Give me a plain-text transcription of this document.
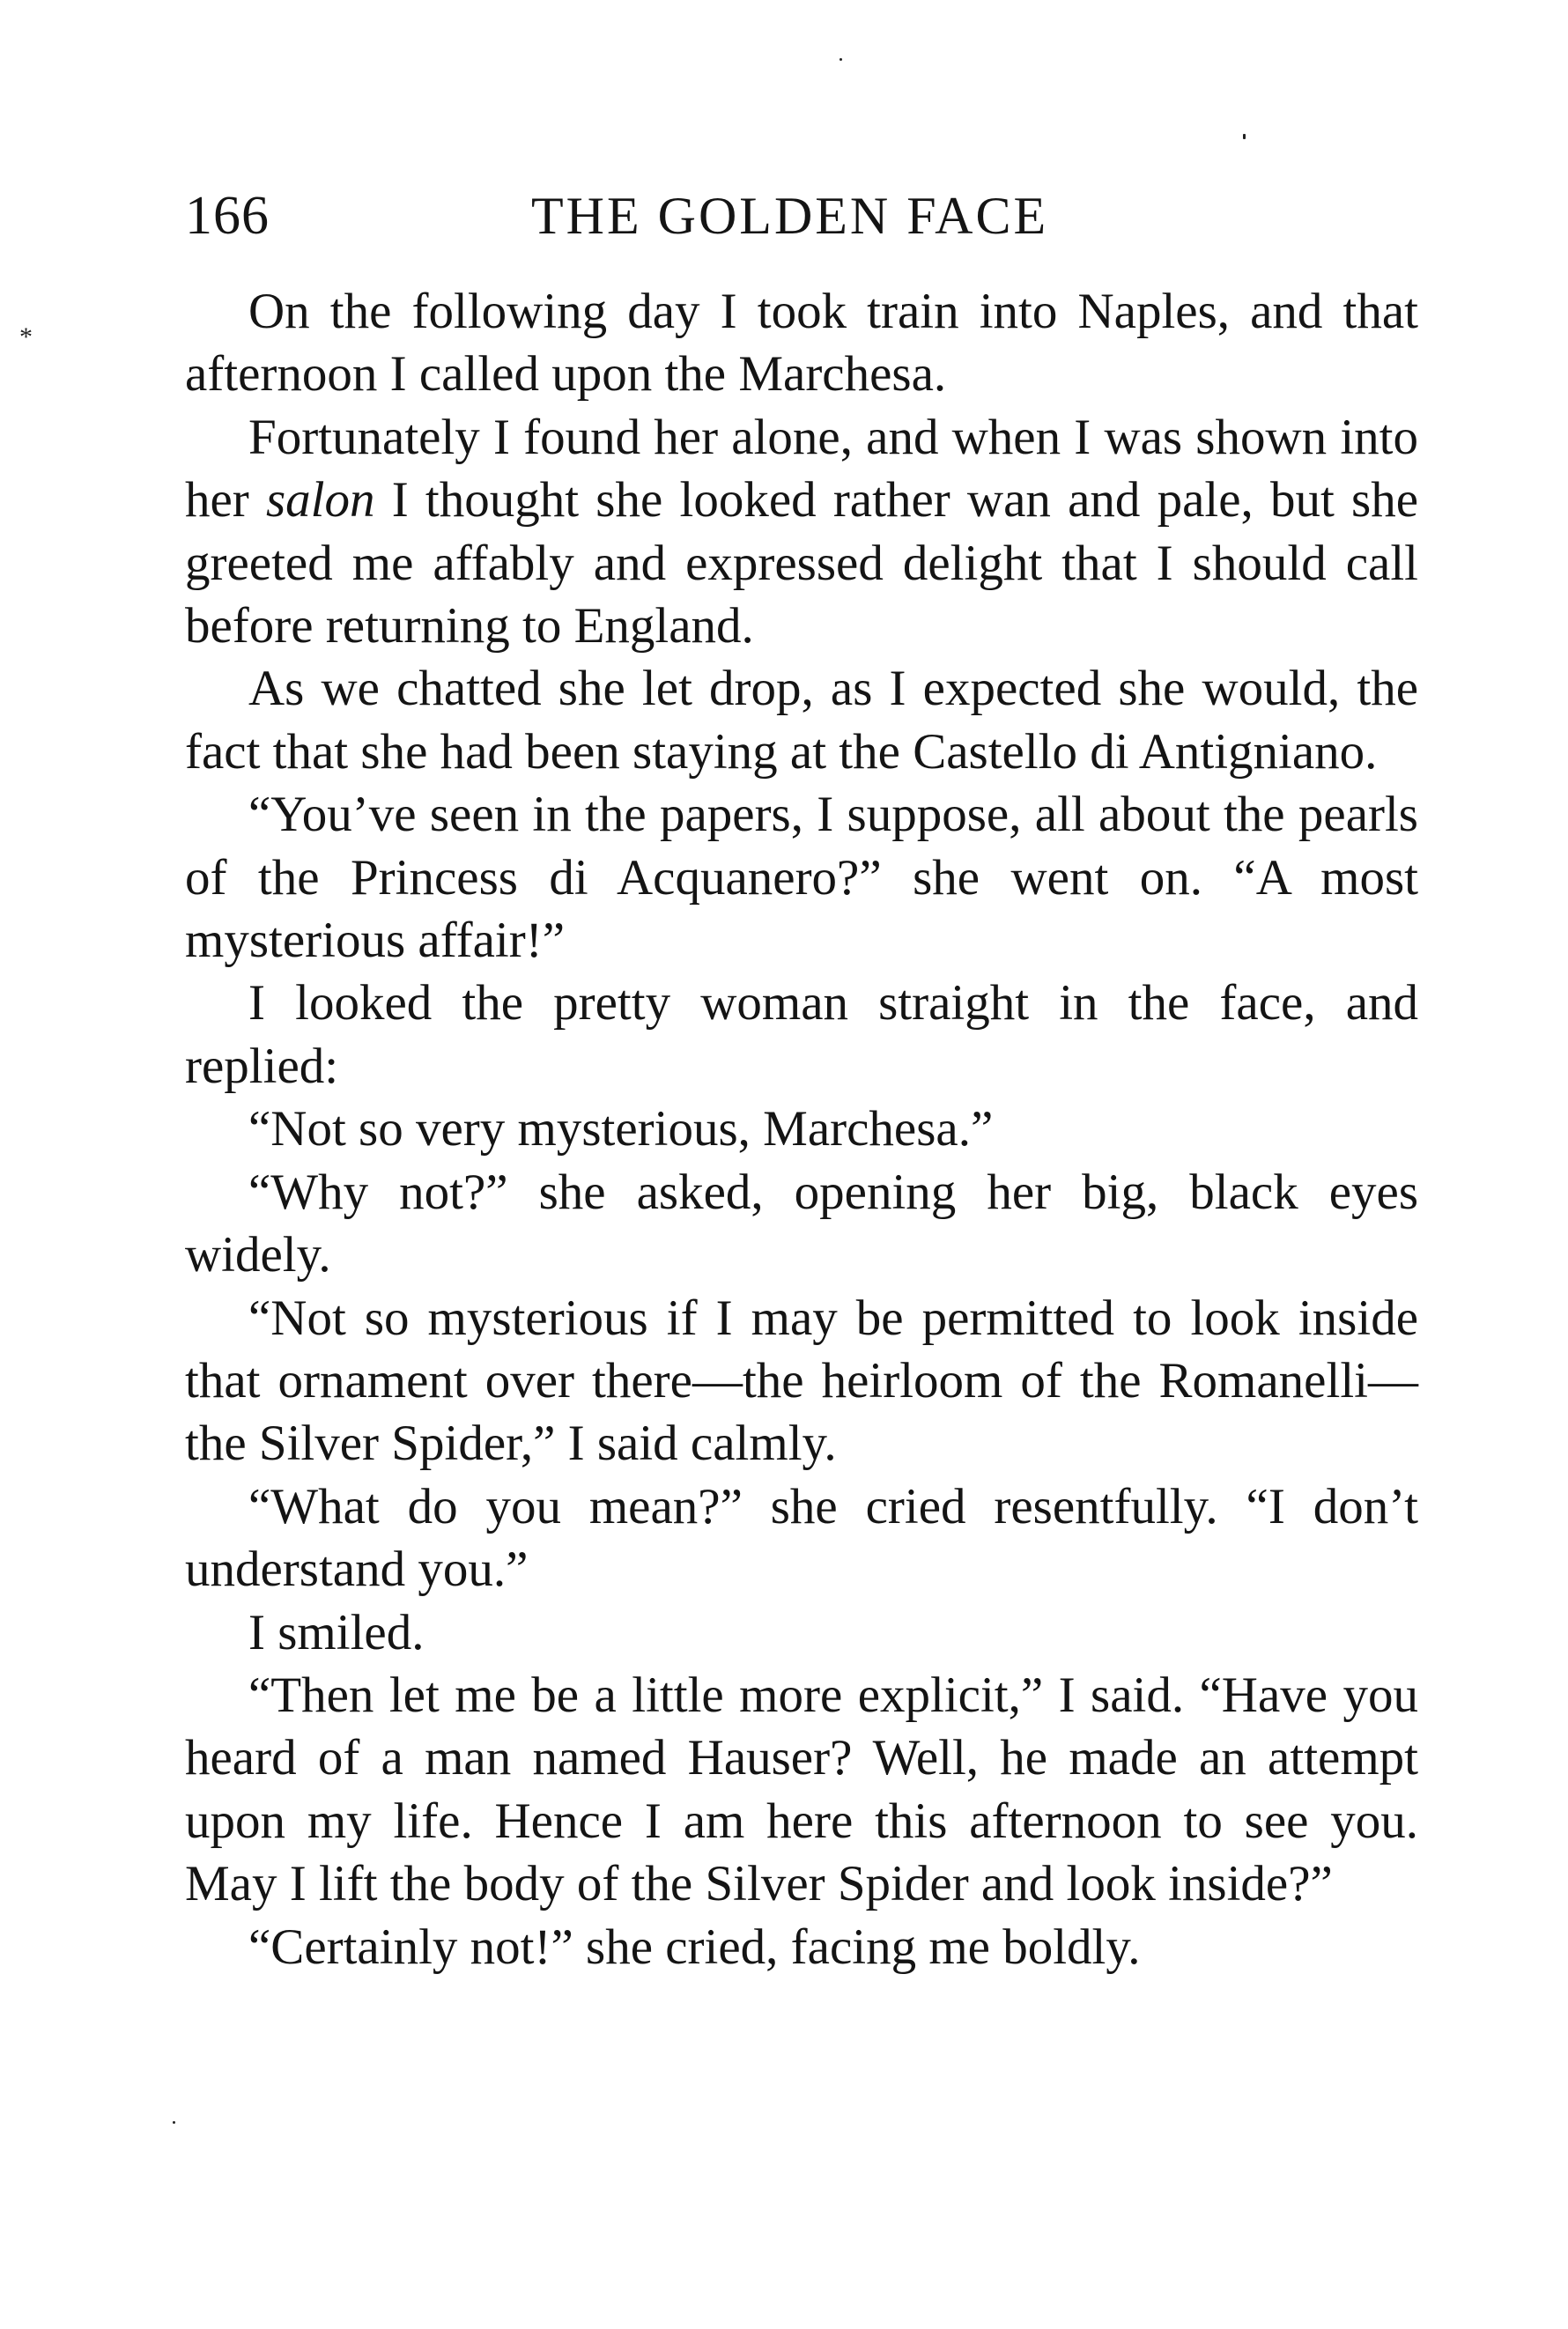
166	THE GOLDEN FACE
*	On the following day I took train into Naples, and that afternoon I called upon the Marchesa.

Fortunately I found her alone, and when I was shown into her salon I thought she looked rather wan and pale, but she greeted me affably and expressed delight that I should call before returning to England.

As we chatted she let drop, as I expected she would, the fact that she had been staying at the Castello di Antigniano.

“You’ve seen in the papers, I suppose, all about the pearls of the Princess di Acquanero?” she went on. “A most mysterious affair!”

I looked the pretty woman straight in the face, and replied:

“Not so very mysterious, Marchesa.”

“Why not?” she asked, opening her big, black eyes widely.

“Not so mysterious if I may be permitted to look inside that ornament over there—the heirloom of the Romanelli—the Silver Spider,” I said calmly.

“What do you mean?” she cried resentfully. “I don’t understand you.”

I smiled.

“Then let me be a little more explicit,” I said. “Have you heard of a man named Hauser? Well, he made an attempt upon my life. Hence I am here this afternoon to see you. May I lift the body of the Silver Spider and look inside?”

“Certainly not!” she cried, facing me boldly.
